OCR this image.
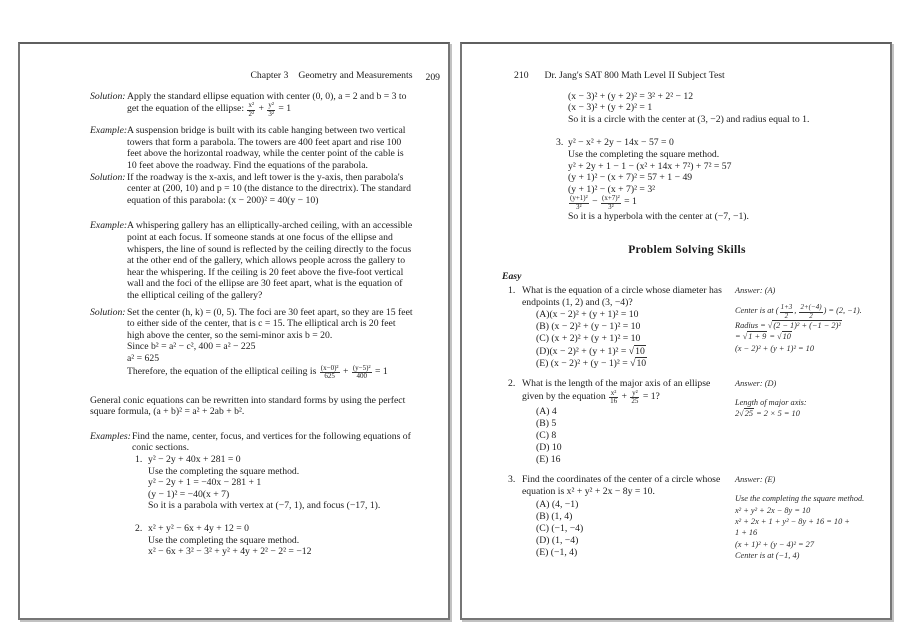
Chapter 3 Geometry and Measurements 209
Solution: Apply the standard ellipse equation with center (0, 0), a = 2 and b = 3 to
get the equation of the ellipse: $\frac{\text{x²}}{\text{2²}} + \frac{\text{y²}}{\text{3²}} = 1$
Example: A suspension bridge is built with its cable hanging between two vertical
towers that form a parabola. The towers are 400 feet apart and rise 100
feet above the horizontal roadway, while the center point of the cable is
10 feet above the roadway. Find the equations of the parabola.
Solution: If the roadway is the x-axis, and left tower is the y-axis, then parabola's
center at (200, 10) and p = 10 (the distance to the directrix). The standard
equation of this parabola: (x − 200)² = 40(y − 10)
Example: A whispering gallery has an elliptically-arched ceiling, with an accessible
point at each focus. If someone stands at one focus of the ellipse and
whispers, the line of sound is reflected by the ceiling directly to the focus
at the other end of the gallery, which allows people across the gallery to
hear the whispering. If the ceiling is 20 feet above the five-foot vertical
wall and the foci of the ellipse are 30 feet apart, what is the equation of
the elliptical ceiling of the gallery?
Solution: Set the center (h, k) = (0, 5). The foci are 30 feet apart, so they are 15 feet
to either side of the center, that is c = 15. The elliptical arch is 20 feet
high above the center, so the semi-minor axis b = 20.
Since b² = a² − c², 400 = a² − 225
a² = 625
Therefore, the equation of the elliptical ceiling is $\frac{\text{(x−0)²}}{625} + \frac{\text{(y−5)²}}{400} = 1$
General conic equations can be rewritten into standard forms by using the perfect
square formula, (a + b)² = a² + 2ab + b².
Examples: Find the name, center, focus, and vertices for the following equations of
conic sections.
1. y² − 2y + 40x + 281 = 0
Use the completing the square method.
y² − 2y + 1 = −40x − 281 + 1
(y − 1)² = −40(x + 7)
So it is a parabola with vertex at (−7, 1), and focus (−17, 1).
2. x² + y² − 6x + 4y + 12 = 0
Use the completing the square method.
x² − 6x + 3² − 3² + y² + 4y + 2² − 2² = −12
210 Dr. Jang's SAT 800 Math Level II Subject Test
(x − 3)² + (y + 2)² = 3² + 2² − 12
(x − 3)² + (y + 2)² = 1
So it is a circle with the center at (3, −2) and radius equal to 1.
3. y² − x² + 2y − 14x − 57 = 0
Use the completing the square method.
y² + 2y + 1 − 1 − (x² + 14x + 7²) + 7² = 57
(y + 1)² − (x + 7)² = 57 + 1 − 49
(y + 1)² − (x + 7)² = 3²
$\frac{\text{(y+1)²}}{\text{3²}} - \frac{\text{(x+7)²}}{\text{3²}} = 1$
So it is a hyperbola with the center at (−7, −1).
Problem Solving Skills
Easy
1. What is the equation of a circle whose diameter has
endpoints (1, 2) and (3, −4)?
(A)(x − 2)² + (y + 1)² = 10
(B) (x − 2)² + (y − 1)² = 10
(C) (x + 2)² + (y + 1)² = 10
(D)(x − 2)² + (y + 1)² = √10
(E) (x − 2)² + (y − 1)² = √10
Answer: (A)
Center is at ( $\frac{1+3}{2}$ , $\frac{2+(-4)}{2}$ ) = (2, −1).
Radius = √(2 − 1)² + (−1 − 2)²
= √1 + 9 = √10
(x − 2)² + (y + 1)² = 10
2. What is the length of the major axis of an ellipse
given by the equation $\frac{\text{x²}}{16} + \frac{\text{y²}}{25} = 1$?
(A) 4
(B) 5
(C) 8
(D) 10
(E) 16
Answer: (D)
Length of major axis:
2√25 = 2 × 5 = 10
3. Find the coordinates of the center of a circle whose
equation is x² + y² + 2x − 8y = 10.
(A) (4, −1)
(B) (1, 4)
(C) (−1, −4)
(D) (1, −4)
(E) (−1, 4)
Answer: (E)
Use the completing the square method.
x² + y² + 2x − 8y = 10
x² + 2x + 1 + y² − 8y + 16 = 10 +
1 + 16
(x + 1)² + (y − 4)² = 27
Center is at (−1, 4)
